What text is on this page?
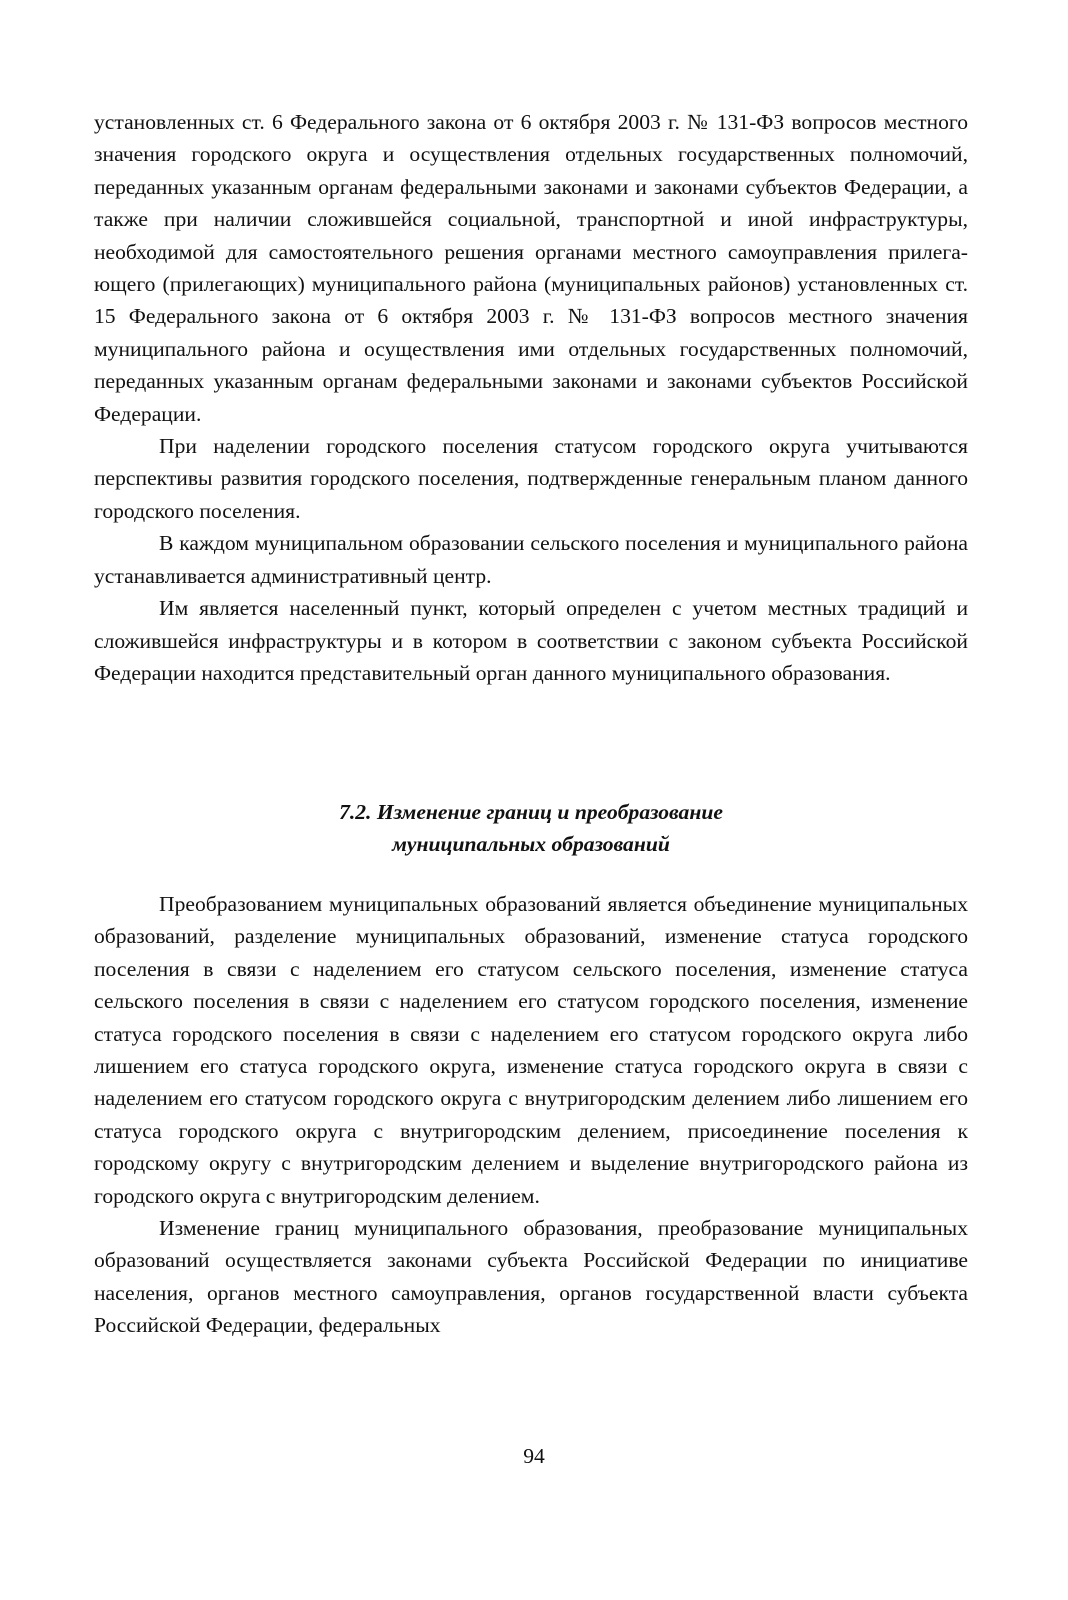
установленных ст. 6 Федерального закона от 6 октября 2003 г. № 131-ФЗ вопросов местного значения городского округа и осуществления отдельных государственных полномочий, переданных указанным органам федеральными законами и законами субъектов Федерации, а также при наличии сложившейся социальной, транспортной и иной инфраструктуры, необходимой для самостоятельного решения органами местного самоуправления прилегающего (прилегающих) муниципального района (муниципальных районов) установленных ст. 15 Федерального закона от 6 октября 2003 г. № 131-ФЗ вопросов местного значения муниципального района и осуществления ими отдельных государственных полномочий, переданных указанным органам федеральными законами и законами субъектов Российской Федерации.

При наделении городского поселения статусом городского округа учитываются перспективы развития городского поселения, подтвержденные генеральным планом данного городского поселения.

В каждом муниципальном образовании сельского поселения и муниципального района устанавливается административный центр.

Им является населенный пункт, который определен с учетом местных традиций и сложившейся инфраструктуры и в котором в соответствии с законом субъекта Российской Федерации находится представительный орган данного муниципального образования.

7.2. Изменение границ и преобразование
муниципальных образований

Преобразованием муниципальных образований является объединение муниципальных образований, разделение муниципальных образований, изменение статуса городского поселения в связи с наделением его статусом сельского поселения, изменение статуса сельского поселения в связи с наделением его статусом городского поселения, изменение статуса городского поселения в связи с наделением его статусом городского округа либо лишением его статуса городского округа, изменение статуса городского округа в связи с наделением его статусом городского округа с внутригородским делением либо лишением его статуса городского округа с внутригородским делением, присоединение поселения к городскому округу с внутригородским делением и выделение внутригородского района из городского округа с внутригородским делением.

Изменение границ муниципального образования, преобразование муниципальных образований осуществляется законами субъекта Российской Федерации по инициативе населения, органов местного самоуправления, органов государственной власти субъекта Российской Федерации, федеральных

94
